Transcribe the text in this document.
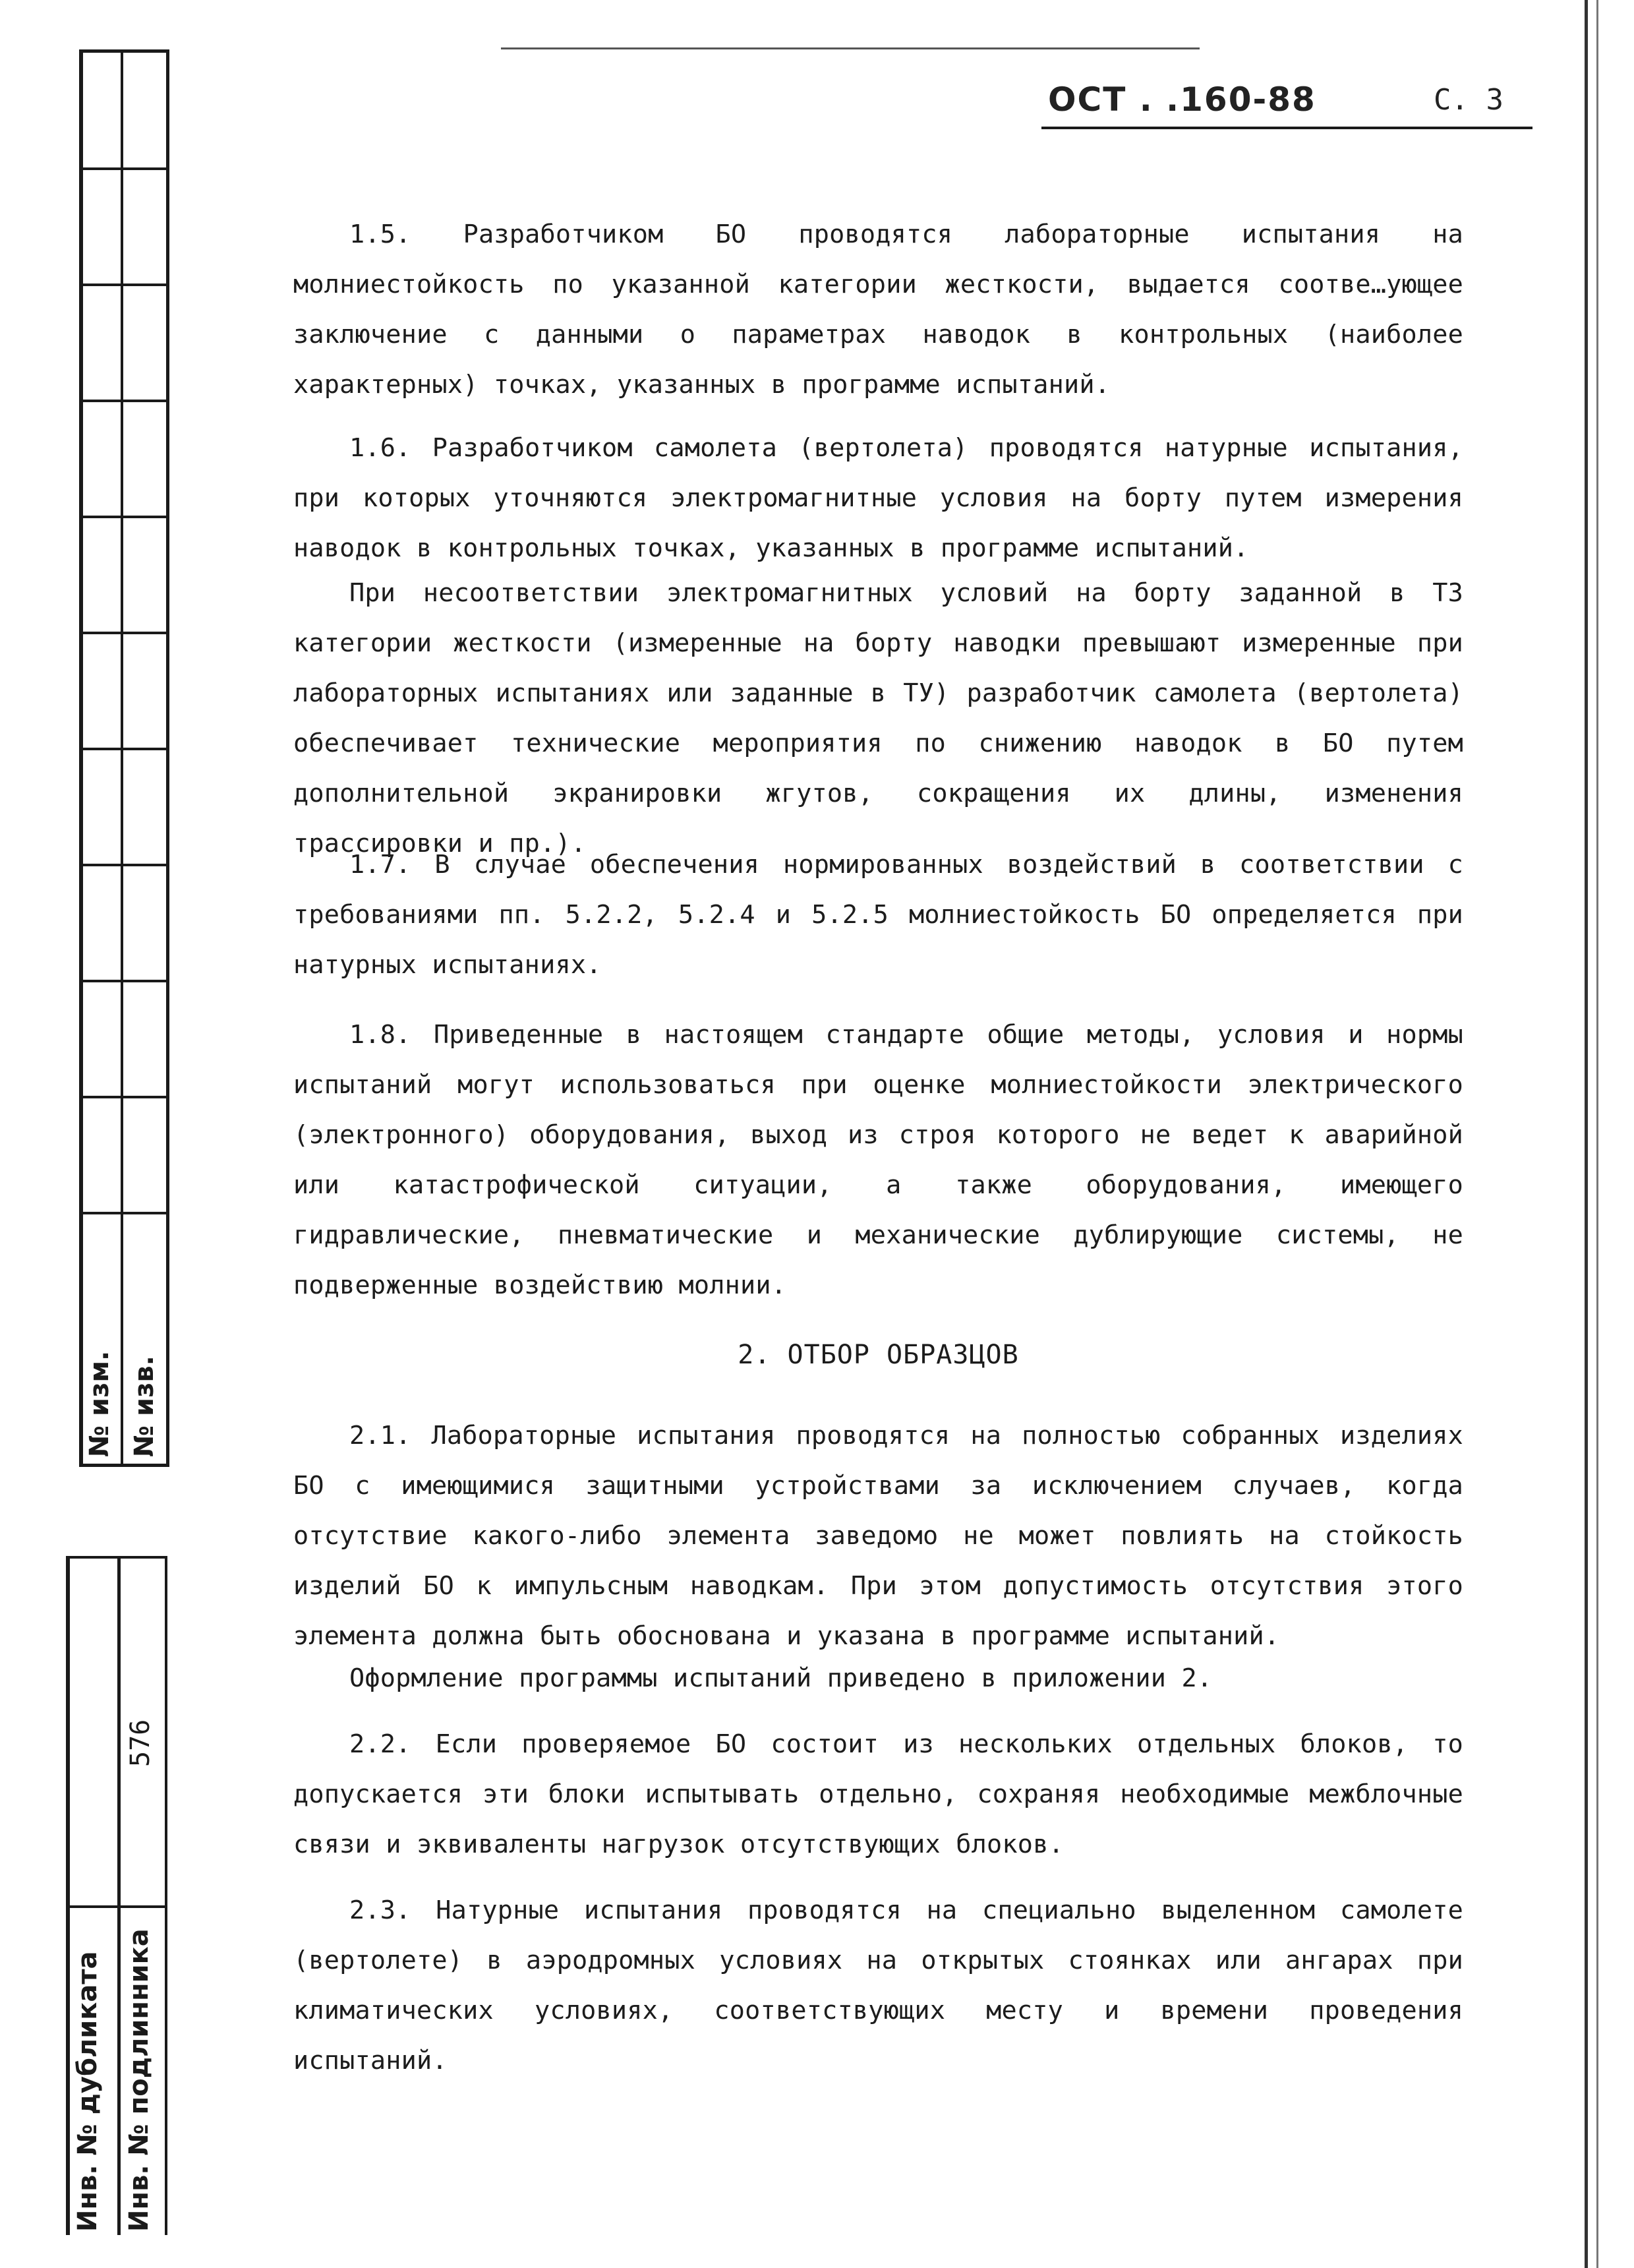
№ изм. № изв.
576
Инв. № дубликата Инв. № подлинника
ОСТ . .160-88	С. 3

1.5. Разработчиком БО проводятся лабораторные испытания на молниестойкость по указанной категории жесткости, выдается соотве…ующее заключение с данными о параметрах наводок в контрольных (наиболее характерных) точках, указанных в программе испытаний.

1.6. Разработчиком самолета (вертолета) проводятся натурные испытания, при которых уточняются электромагнитные условия на борту путем измерения наводок в контрольных точках, указанных в программе испытаний.

При несоответствии электромагнитных условий на борту заданной в ТЗ категории жесткости (измеренные на борту наводки превышают измеренные при лабораторных испытаниях или заданные в ТУ) разработчик самолета (вертолета) обеспечивает технические мероприятия по снижению наводок в БО путем дополнительной экранировки жгутов, сокращения их длины, изменения трассировки и пр.).

1.7. В случае обеспечения нормированных воздействий в соответствии с требованиями пп. 5.2.2, 5.2.4 и 5.2.5 молниестойкость БО определяется при натурных испытаниях.

1.8. Приведенные в настоящем стандарте общие методы, условия и нормы испытаний могут использоваться при оценке молниестойкости электрического (электронного) оборудования, выход из строя которого не ведет к аварийной или катастрофической ситуации, а также оборудования, имеющего гидравлические, пневматические и механические дублирующие системы, не подверженные воздействию молнии.

2. ОТБОР ОБРАЗЦОВ

2.1. Лабораторные испытания проводятся на полностью собранных изделиях БО с имеющимися защитными устройствами за исключением случаев, когда отсутствие какого-либо элемента заведомо не может повлиять на стойкость изделий БО к импульсным наводкам. При этом допустимость отсутствия этого элемента должна быть обоснована и указана в программе испытаний.

Оформление программы испытаний приведено в приложении 2.

2.2. Если проверяемое БО состоит из нескольких отдельных блоков, то допускается эти блоки испытывать отдельно, сохраняя необходимые межблочные связи и эквиваленты нагрузок отсутствующих блоков.

2.3. Натурные испытания проводятся на специально выделенном самолете (вертолете) в аэродромных условиях на открытых стоянках или ангарах при климатических условиях, соответствующих месту и времени проведения испытаний.
